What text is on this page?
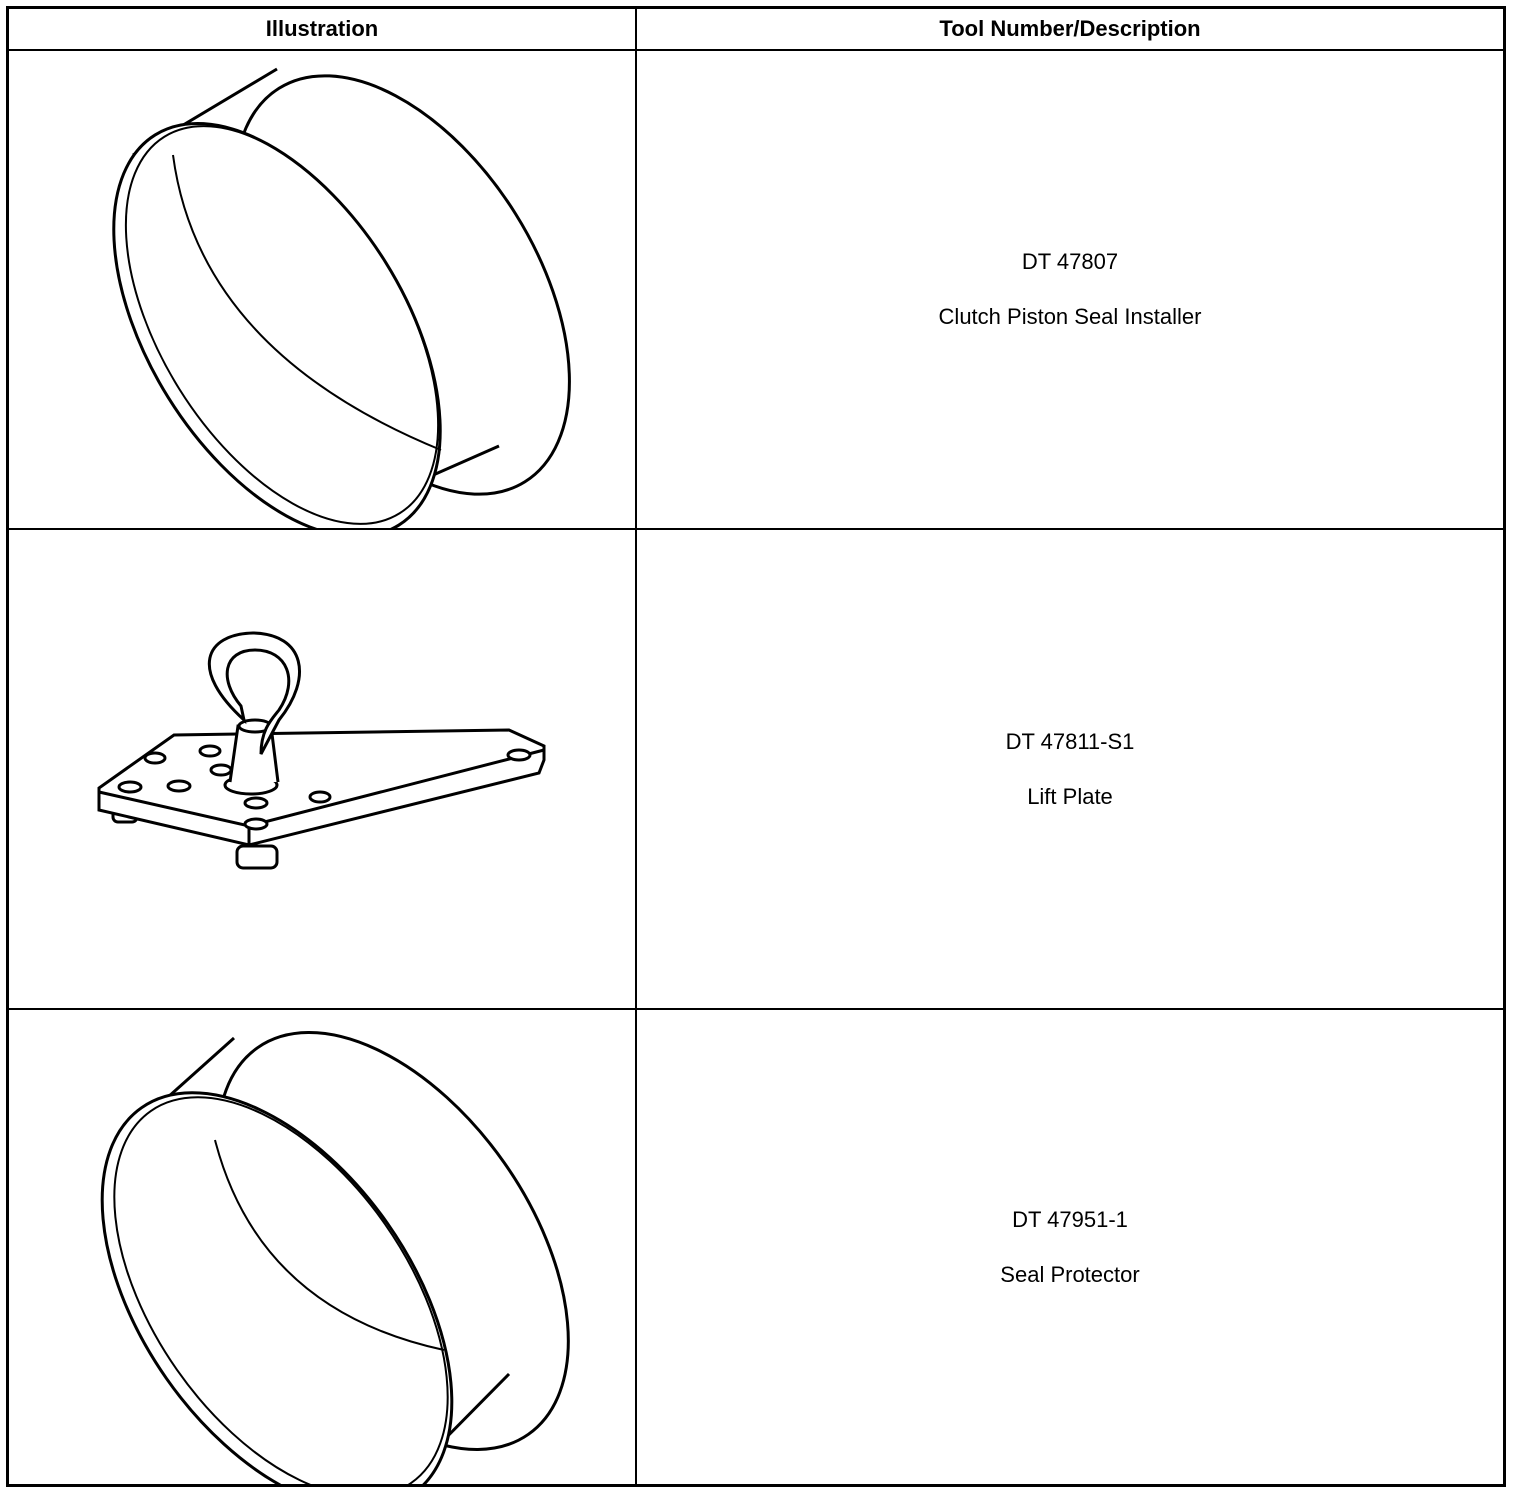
Illustration	Tool Number/Description
DT 47807
Clutch Piston Seal Installer
DT 47811-S1
Lift Plate
DT 47951-1
Seal Protector
